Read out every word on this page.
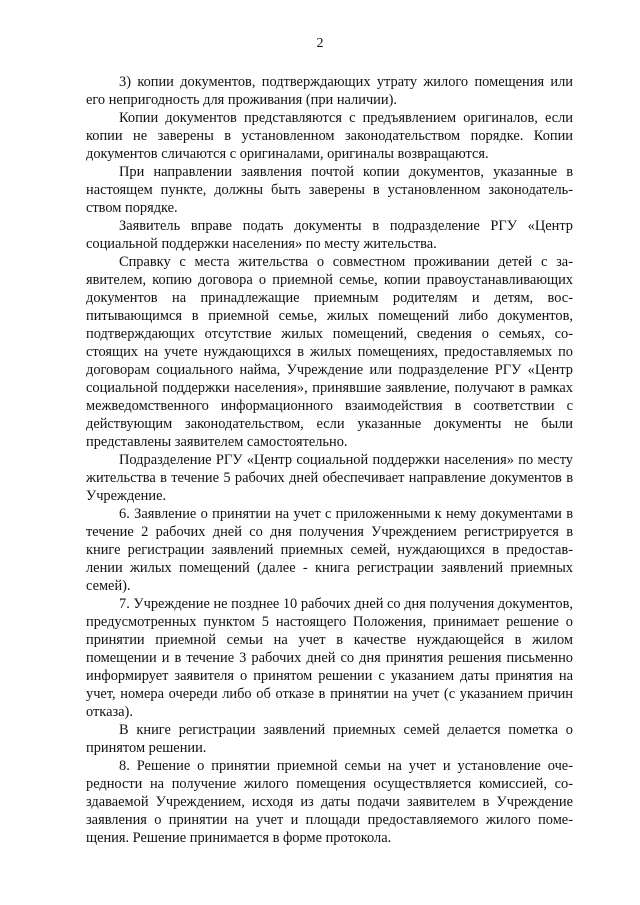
2

3) копии документов, подтверждающих утрату жилого помещения или его непригодность для проживания (при наличии).

Копии документов представляются с предъявлением оригиналов, если копии не заверены в установленном законодательством порядке. Копии документов сличаются с оригиналами, оригиналы возвращаются.

При направлении заявления почтой копии документов, указанные в настоящем пункте, должны быть заверены в установленном законодательством порядке.

Заявитель вправе подать документы в подразделение РГУ «Центр социальной поддержки населения» по месту жительства.

Справку с места жительства о совместном проживании детей с заявителем, копию договора о приемной семье, копии правоустанавливающих документов на принадлежащие приемным родителям и детям, воспитывающимся в приемной семье, жилых помещений либо документов, подтверждающих отсутствие жилых помещений, сведения о семьях, состоящих на учете нуждающихся в жилых помещениях, предоставляемых по договорам социального найма, Учреждение или подразделение РГУ «Центр социальной поддержки населения», принявшие заявление, получают в рамках межведомственного информационного взаимодействия в соответствии с действующим законодательством, если указанные документы не были представлены заявителем самостоятельно.

Подразделение РГУ «Центр социальной поддержки населения» по месту жительства в течение 5 рабочих дней обеспечивает направление документов в Учреждение.

6. Заявление о принятии на учет с приложенными к нему документами в течение 2 рабочих дней со дня получения Учреждением регистрируется в книге регистрации заявлений приемных семей, нуждающихся в предоставлении жилых помещений (далее - книга регистрации заявлений приемных семей).

7. Учреждение не позднее 10 рабочих дней со дня получения документов, предусмотренных пунктом 5 настоящего Положения, принимает решение о принятии приемной семьи на учет в качестве нуждающейся в жилом помещении и в течение 3 рабочих дней со дня принятия решения письменно информирует заявителя о принятом решении с указанием даты принятия на учет, номера очереди либо об отказе в принятии на учет (с указанием причин отказа).

В книге регистрации заявлений приемных семей делается пометка о принятом решении.

8. Решение о принятии приемной семьи на учет и установление очередности на получение жилого помещения осуществляется комиссией, создаваемой Учреждением, исходя из даты подачи заявителем в Учреждение заявления о принятии на учет и площади предоставляемого жилого помещения. Решение принимается в форме протокола.
